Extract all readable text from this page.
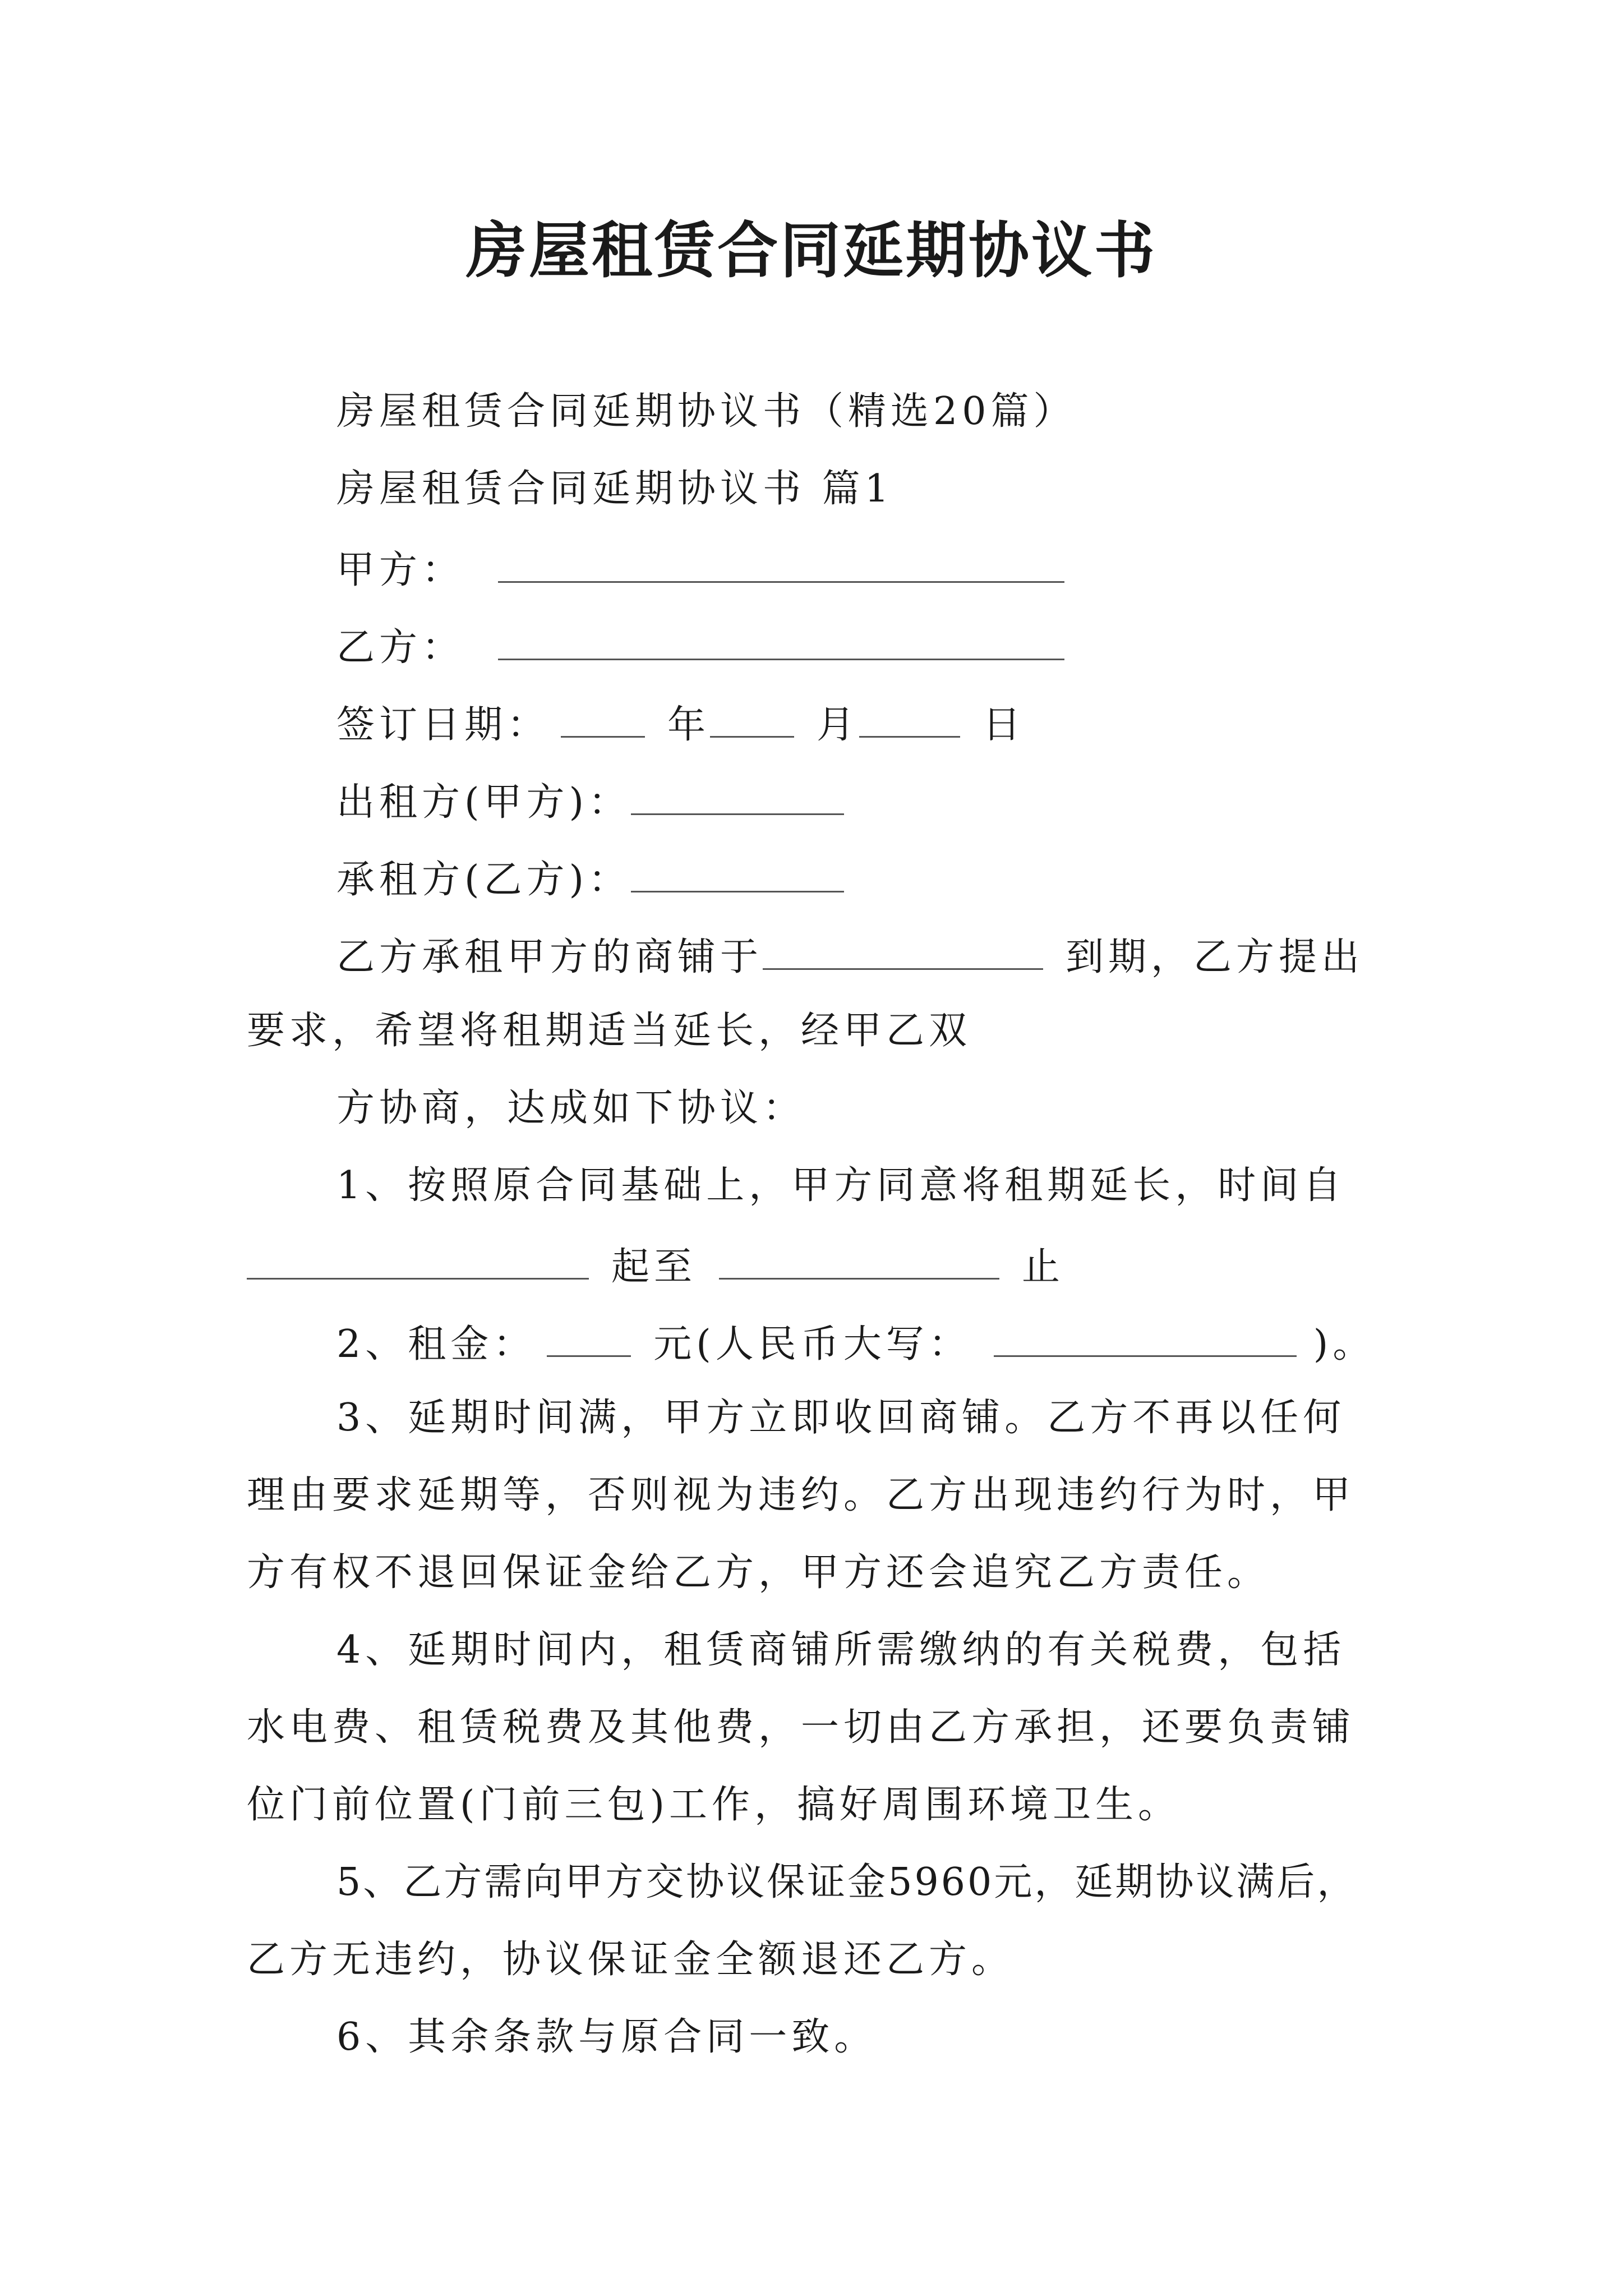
房屋租赁合同延期协议书
房屋租赁合同延期协议书（精选20篇）
房屋租赁合同延期协议书 篇1
甲方：
乙方：
签订日期：	年	月	日
出租方(甲方)：
承租方(乙方)：
乙方承租甲方的商铺于	到期，乙方提出
要求，希望将租期适当延长，经甲乙双
方协商，达成如下协议：
1、按照原合同基础上，甲方同意将租期延长，时间自
起至	止
2、租金：	元(人民币大写：	)。
3、延期时间满，甲方立即收回商铺。乙方不再以任何
理由要求延期等，否则视为违约。乙方出现违约行为时，甲
方有权不退回保证金给乙方，甲方还会追究乙方责任。
4、延期时间内，租赁商铺所需缴纳的有关税费，包括
水电费、租赁税费及其他费，一切由乙方承担，还要负责铺
位门前位置(门前三包)工作，搞好周围环境卫生。
5、乙方需向甲方交协议保证金5960元，延期协议满后，
乙方无违约，协议保证金全额退还乙方。
6、其余条款与原合同一致。
